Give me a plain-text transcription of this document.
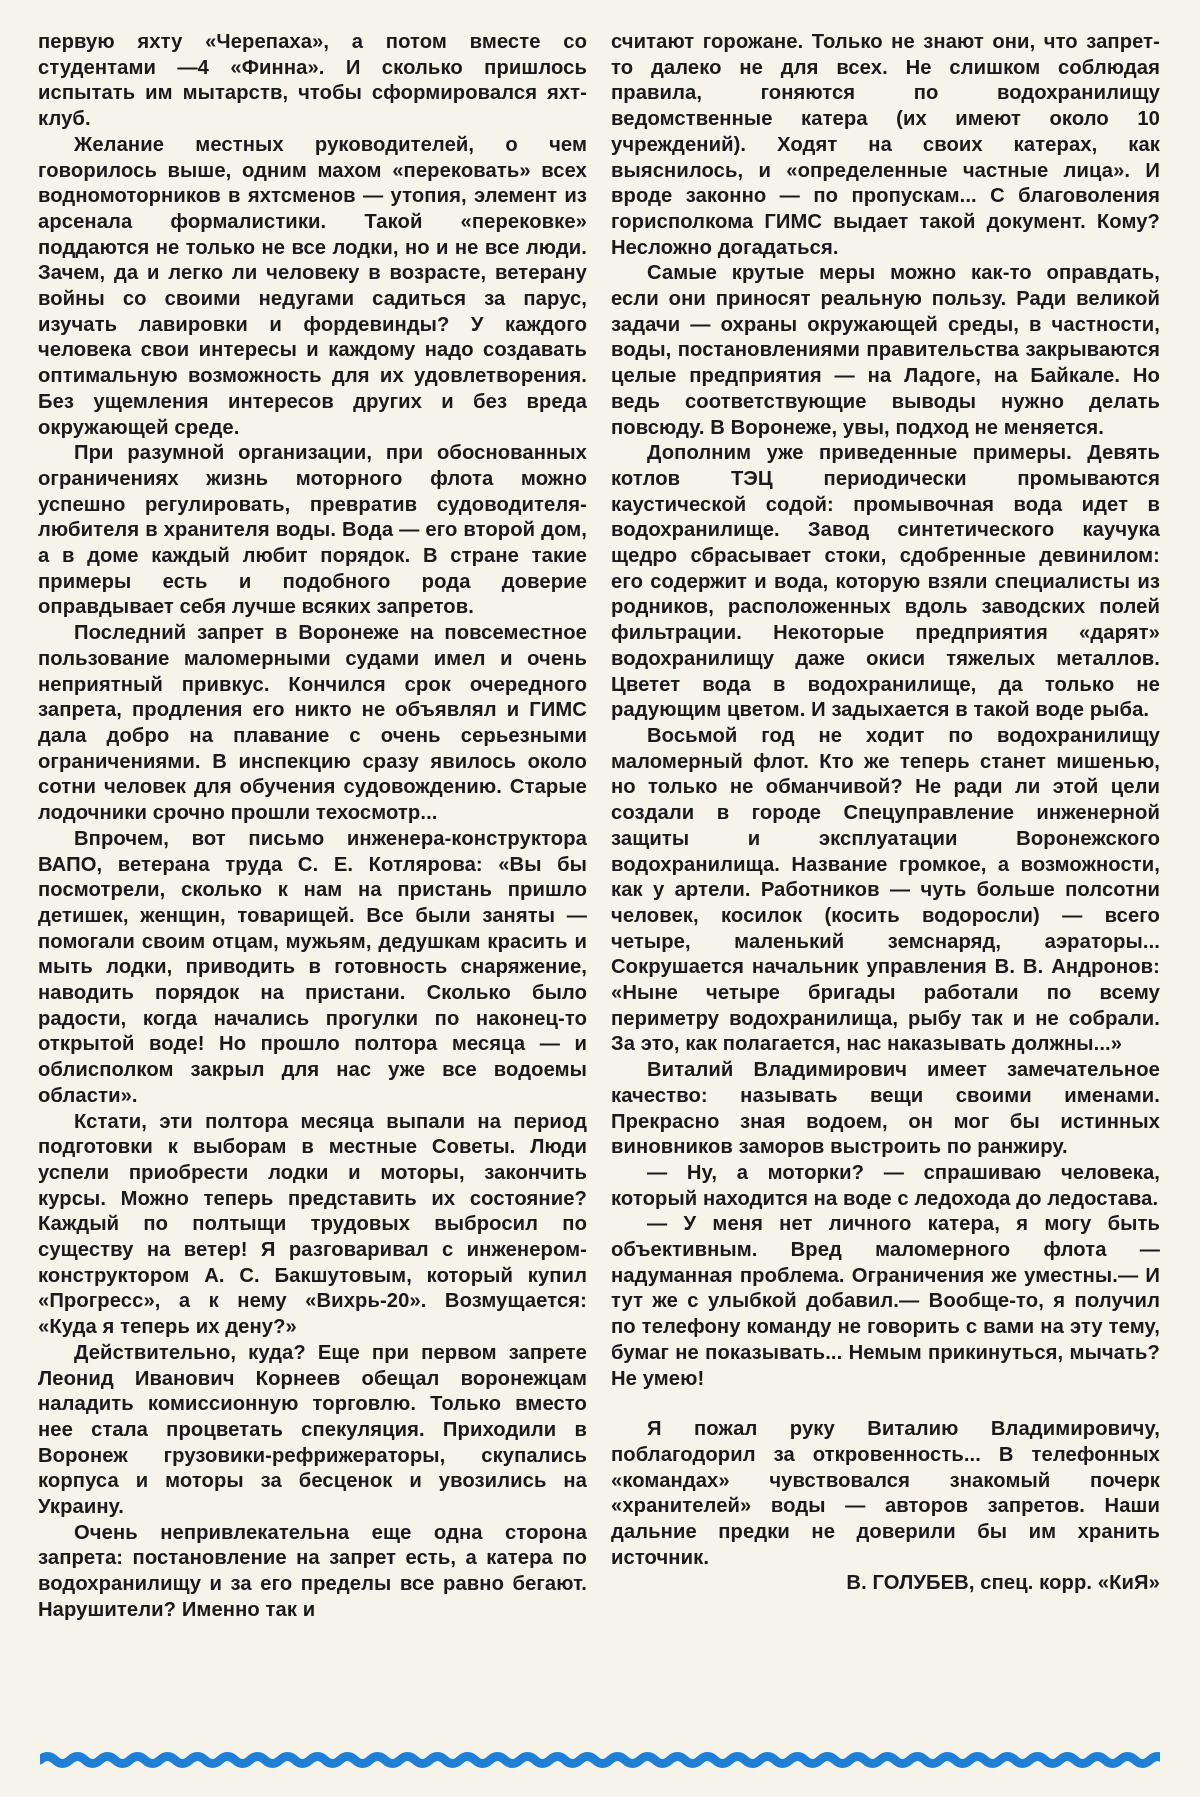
первую яхту «Черепаха», а потом вместе со студентами —4 «Финна». И сколько пришлось испытать им мытарств, чтобы сформировался яхт-клуб.

Желание местных руководителей, о чем говорилось выше, одним махом «перековать» всех водномоторников в яхтсменов — утопия, элемент из арсенала формалистики. Такой «перековке» поддаются не только не все лодки, но и не все люди. Зачем, да и легко ли человеку в возрасте, ветерану войны со своими недугами садиться за парус, изучать лавировки и фордевинды? У каждого человека свои интересы и каждому надо создавать оптимальную возможность для их удовлетворения. Без ущемления интересов других и без вреда окружающей среде.

При разумной организации, при обоснованных ограничениях жизнь моторного флота можно успешно регулировать, превратив судоводителя-любителя в хранителя воды. Вода — его второй дом, а в доме каждый любит порядок. В стране такие примеры есть и подобного рода доверие оправдывает себя лучше всяких запретов.

Последний запрет в Воронеже на повсеместное пользование маломерными судами имел и очень неприятный привкус. Кончился срок очередного запрета, продления его никто не объявлял и ГИМС дала добро на плавание с очень серьезными ограничениями. В инспекцию сразу явилось около сотни человек для обучения судовождению. Старые лодочники срочно прошли техосмотр...

Впрочем, вот письмо инженера-конструктора ВАПО, ветерана труда С. Е. Котлярова: «Вы бы посмотрели, сколько к нам на пристань пришло детишек, женщин, товарищей. Все были заняты — помогали своим отцам, мужьям, дедушкам красить и мыть лодки, приводить в готовность снаряжение, наводить порядок на пристани. Сколько было радости, когда начались прогулки по наконец-то открытой воде! Но прошло полтора месяца — и облисполком закрыл для нас уже все водоемы области».

Кстати, эти полтора месяца выпали на период подготовки к выборам в местные Советы. Люди успели приобрести лодки и моторы, закончить курсы. Можно теперь представить их состояние? Каждый по полтыщи трудовых выбросил по существу на ветер! Я разговаривал с инженером-конструктором А. С. Бакшутовым, который купил «Прогресс», а к нему «Вихрь-20». Возмущается: «Куда я теперь их дену?»

Действительно, куда? Еще при первом запрете Леонид Иванович Корнеев обещал воронежцам наладить комиссионную торговлю. Только вместо нее стала процветать спекуляция. Приходили в Воронеж грузовики-рефрижераторы, скупались корпуса и моторы за бесценок и увозились на Украину.

Очень непривлекательна еще одна сторона запрета: постановление на запрет есть, а катера по водохранилищу и за его пределы все равно бегают. Нарушители? Именно так и

считают горожане. Только не знают они, что запрет-то далеко не для всех. Не слишком соблюдая правила, гоняются по водохранилищу ведомственные катера (их имеют около 10 учреждений). Ходят на своих катерах, как выяснилось, и «определенные частные лица». И вроде законно — по пропускам... С благоволения горисполкома ГИМС выдает такой документ. Кому? Несложно догадаться.

Самые крутые меры можно как-то оправдать, если они приносят реальную пользу. Ради великой задачи — охраны окружающей среды, в частности, воды, постановлениями правительства закрываются целые предприятия — на Ладоге, на Байкале. Но ведь соответствующие выводы нужно делать повсюду. В Воронеже, увы, подход не меняется.

Дополним уже приведенные примеры. Девять котлов ТЭЦ периодически промываются каустической содой: промывочная вода идет в водохранилище. Завод синтетического каучука щедро сбрасывает стоки, сдобренные девинилом: его содержит и вода, которую взяли специалисты из родников, расположенных вдоль заводских полей фильтрации. Некоторые предприятия «дарят» водохранилищу даже окиси тяжелых металлов. Цветет вода в водохранилище, да только не радующим цветом. И задыхается в такой воде рыба.

Восьмой год не ходит по водохранилищу маломерный флот. Кто же теперь станет мишенью, но только не обманчивой? Не ради ли этой цели создали в городе Спецуправление инженерной защиты и эксплуатации Воронежского водохранилища. Название громкое, а возможности, как у артели. Работников — чуть больше полсотни человек, косилок (косить водоросли) — всего четыре, маленький земснаряд, аэраторы... Сокрушается начальник управления В. В. Андронов: «Ныне четыре бригады работали по всему периметру водохранилища, рыбу так и не собрали. За это, как полагается, нас наказывать должны...»

Виталий Владимирович имеет замечательное качество: называть вещи своими именами. Прекрасно зная водоем, он мог бы истинных виновников заморов выстроить по ранжиру.

— Ну, а моторки? — спрашиваю человека, который находится на воде с ледохода до ледостава.

— У меня нет личного катера, я могу быть объективным. Вред маломерного флота — надуманная проблема. Ограничения же уместны.— И тут же с улыбкой добавил.— Вообще-то, я получил по телефону команду не говорить с вами на эту тему, бумаг не показывать... Немым прикинуться, мычать? Не умею!

Я пожал руку Виталию Владимировичу, поблагодорил за откровенность... В телефонных «командах» чувствовался знакомый почерк «хранителей» воды — авторов запретов. Наши дальние предки не доверили бы им хранить источник.

В. ГОЛУБЕВ, спец. корр. «КиЯ»
